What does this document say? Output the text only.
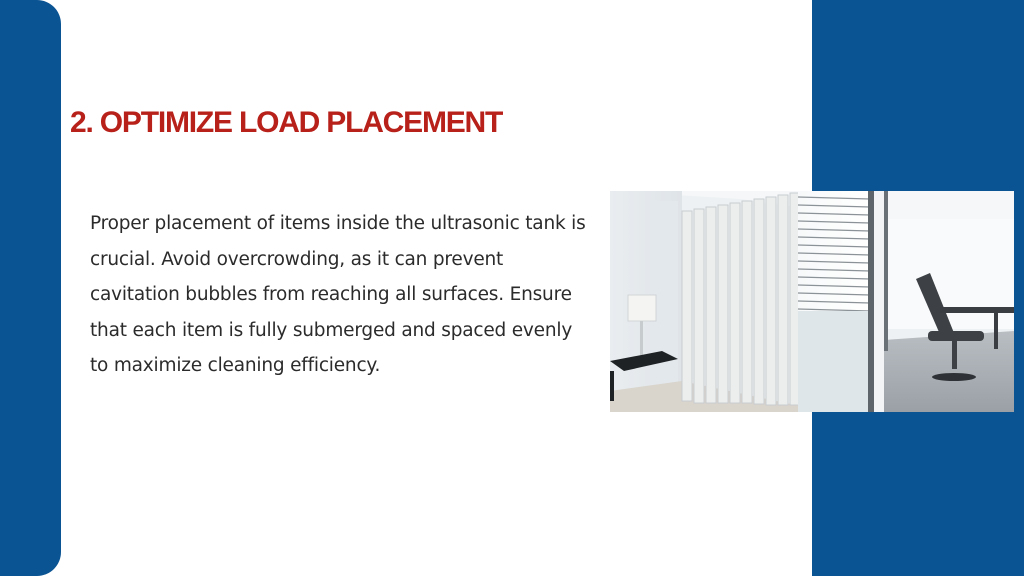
2. OPTIMIZE LOAD PLACEMENT

Proper placement of items inside the ultrasonic tank is crucial. Avoid overcrowding, as it can prevent cavitation bubbles from reaching all surfaces. Ensure that each item is fully submerged and spaced evenly to maximize cleaning efficiency.
